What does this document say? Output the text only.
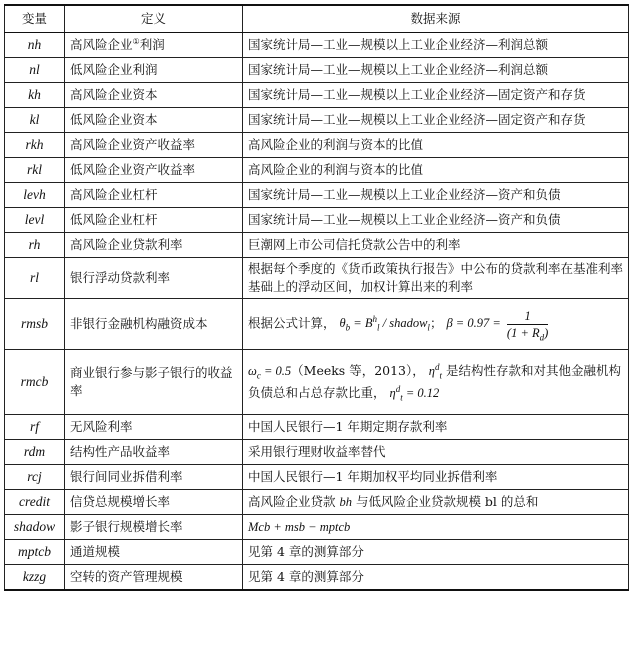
变量	定义	数据来源
nh	高风险企业①利润	国家统计局—工业—规模以上工业企业经济—利润总额
nl	低风险企业利润	国家统计局—工业—规模以上工业企业经济—利润总额
kh	高风险企业资本	国家统计局—工业—规模以上工业企业经济—固定资产和存货
kl	低风险企业资本	国家统计局—工业—规模以上工业企业经济—固定资产和存货
rkh	高风险企业资产收益率	高风险企业的利润与资本的比值
rkl	低风险企业资产收益率	高风险企业的利润与资本的比值
levh	高风险企业杠杆	国家统计局—工业—规模以上工业企业经济—资产和负债
levl	低风险企业杠杆	国家统计局—工业—规模以上工业企业经济—资产和负债
rh	高风险企业贷款利率	巨潮网上市公司信托贷款公告中的利率
rl	银行浮动贷款利率	根据每个季度的《货币政策执行报告》中公布的贷款利率在基准利率基础上的浮动区间，加权计算出来的利率
rmsb	非银行金融机构融资成本	根据公式计算， $\theta_b = B^h_l$ / shadow$_l$； $\beta = 0.97 = \frac{1}{(1 + R_d)}$

rmcb	商业银行参与影子银行的收益率	$\omega_c$ = 0.5（Meeks 等，2013）， $\eta^d_t$ 是结构性存款和对其他金融机构负债总和占总存款比重， $\eta^d_t = 0.12$
rf	无风险利率	中国人民银行—1 年期定期存款利率
rdm	结构性产品收益率	采用银行理财收益率替代
rcj	银行间同业拆借利率	中国人民银行—1 年期加权平均同业拆借利率
credit	信贷总规模增长率	高风险企业贷款 bh 与低风险企业贷款规模 bl 的总和
shadow	影子银行规模增长率	Mcb + msb − mptcb
mptcb	通道规模	见第 4 章的测算部分
kzzg	空转的资产管理规模	见第 4 章的测算部分
